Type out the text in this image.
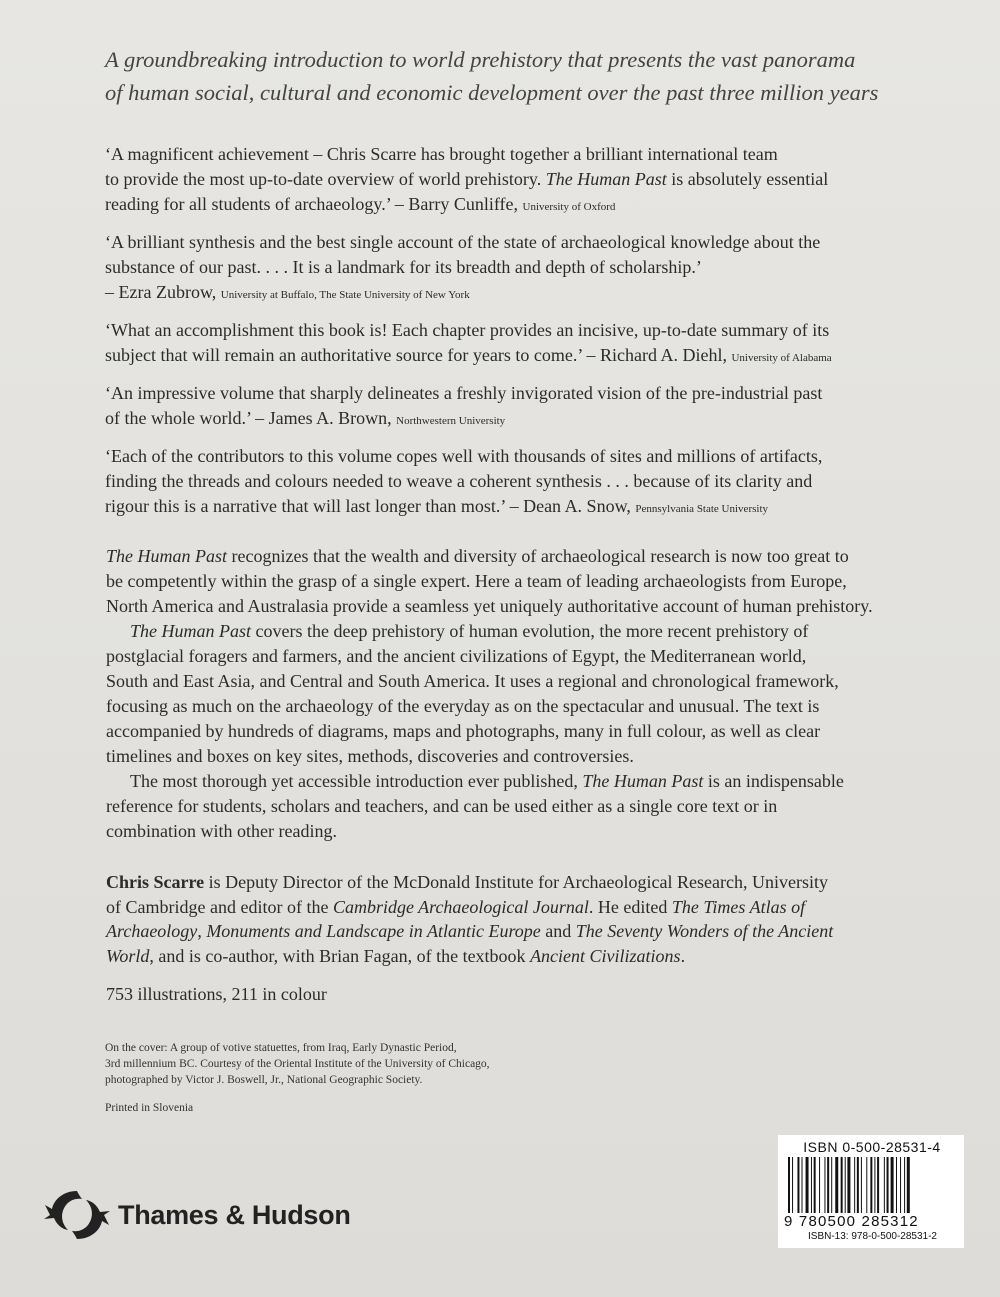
A groundbreaking introduction to world prehistory that presents the vast panorama
of human social, cultural and economic development over the past three million years
‘A magnificent achievement – Chris Scarre has brought together a brilliant international team
to provide the most up-to-date overview of world prehistory. The Human Past is absolutely essential
reading for all students of archaeology.’ – Barry Cunliffe, University of Oxford
‘A brilliant synthesis and the best single account of the state of archaeological knowledge about the
substance of our past. . . . It is a landmark for its breadth and depth of scholarship.’
– Ezra Zubrow, University at Buffalo, The State University of New York
‘What an accomplishment this book is! Each chapter provides an incisive, up-to-date summary of its
subject that will remain an authoritative source for years to come.’ – Richard A. Diehl, University of Alabama
‘An impressive volume that sharply delineates a freshly invigorated vision of the pre-industrial past
of the whole world.’ – James A. Brown, Northwestern University
‘Each of the contributors to this volume copes well with thousands of sites and millions of artifacts,
finding the threads and colours needed to weave a coherent synthesis . . . because of its clarity and
rigour this is a narrative that will last longer than most.’ – Dean A. Snow, Pennsylvania State University
The Human Past recognizes that the wealth and diversity of archaeological research is now too great to
be competently within the grasp of a single expert. Here a team of leading archaeologists from Europe,
North America and Australasia provide a seamless yet uniquely authoritative account of human prehistory.
The Human Past covers the deep prehistory of human evolution, the more recent prehistory of
postglacial foragers and farmers, and the ancient civilizations of Egypt, the Mediterranean world,
South and East Asia, and Central and South America. It uses a regional and chronological framework,
focusing as much on the archaeology of the everyday as on the spectacular and unusual. The text is
accompanied by hundreds of diagrams, maps and photographs, many in full colour, as well as clear
timelines and boxes on key sites, methods, discoveries and controversies.
The most thorough yet accessible introduction ever published, The Human Past is an indispensable
reference for students, scholars and teachers, and can be used either as a single core text or in
combination with other reading.
Chris Scarre is Deputy Director of the McDonald Institute for Archaeological Research, University
of Cambridge and editor of the Cambridge Archaeological Journal. He edited The Times Atlas of
Archaeology, Monuments and Landscape in Atlantic Europe and The Seventy Wonders of the Ancient
World, and is co-author, with Brian Fagan, of the textbook Ancient Civilizations.
753 illustrations, 211 in colour
On the cover: A group of votive statuettes, from Iraq, Early Dynastic Period,
3rd millennium BC. Courtesy of the Oriental Institute of the University of Chicago,
photographed by Victor J. Boswell, Jr., National Geographic Society.
Printed in Slovenia
Thames & Hudson
ISBN 0-500-28531-4
9 780500 285312
ISBN-13: 978-0-500-28531-2
